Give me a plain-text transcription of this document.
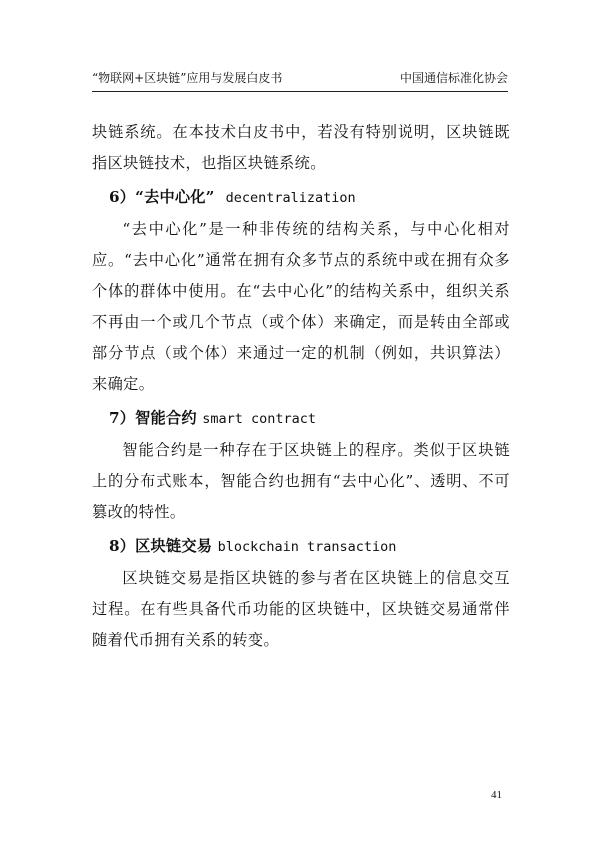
“物联网+区块链”应用与发展白皮书	中国通信标准化协会

块链系统。在本技术白皮书中，若没有特别说明，区块链既指区块链技术，也指区块链系统。

6）“去中心化” decentralization

“去中心化”是一种非传统的结构关系，与中心化相对应。“去中心化”通常在拥有众多节点的系统中或在拥有众多个体的群体中使用。在“去中心化”的结构关系中，组织关系不再由一个或几个节点（或个体）来确定，而是转由全部或部分节点（或个体）来通过一定的机制（例如，共识算法）来确定。

7）智能合约 smart contract

智能合约是一种存在于区块链上的程序。类似于区块链上的分布式账本，智能合约也拥有“去中心化”、透明、不可篡改的特性。

8）区块链交易 blockchain transaction

区块链交易是指区块链的参与者在区块链上的信息交互过程。在有些具备代币功能的区块链中，区块链交易通常伴随着代币拥有关系的转变。

41
